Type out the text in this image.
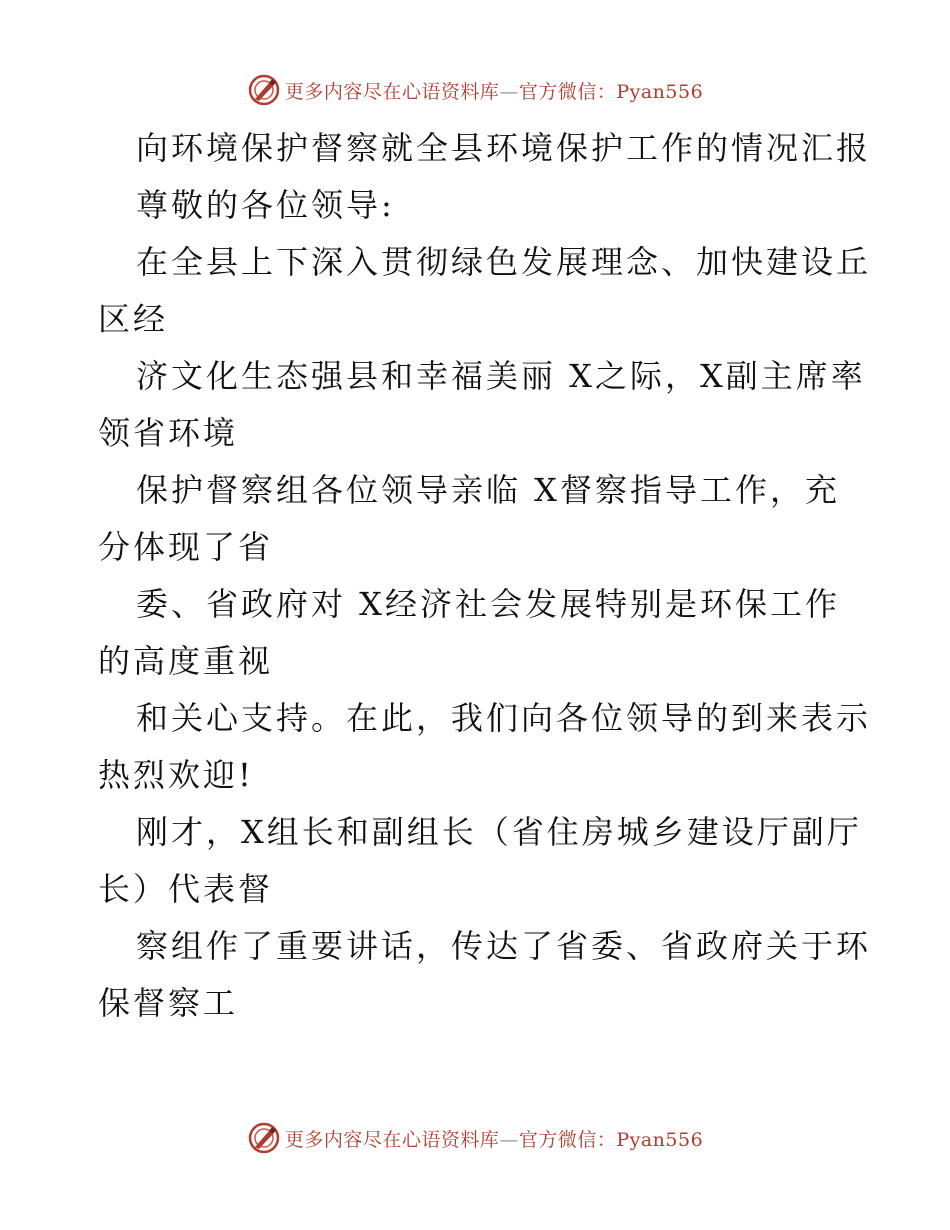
更多内容尽在心语资料库—官方微信：Pyan556
向环境保护督察就全县环境保护工作的情况汇报
尊敬的各位领导:
在全县上下深入贯彻绿色发展理念、加快建设丘
区经
济文化生态强县和幸福美丽 X之际，X副主席率
领省环境
保护督察组各位领导亲临 X督察指导工作，充
分体现了省
委、省政府对 X经济社会发展特别是环保工作
的高度重视
和关心支持。在此，我们向各位领导的到来表示
热烈欢迎!
刚才，X组长和副组长（省住房城乡建设厅副厅
长）代表督
察组作了重要讲话，传达了省委、省政府关于环
保督察工
更多内容尽在心语资料库—官方微信：Pyan556
